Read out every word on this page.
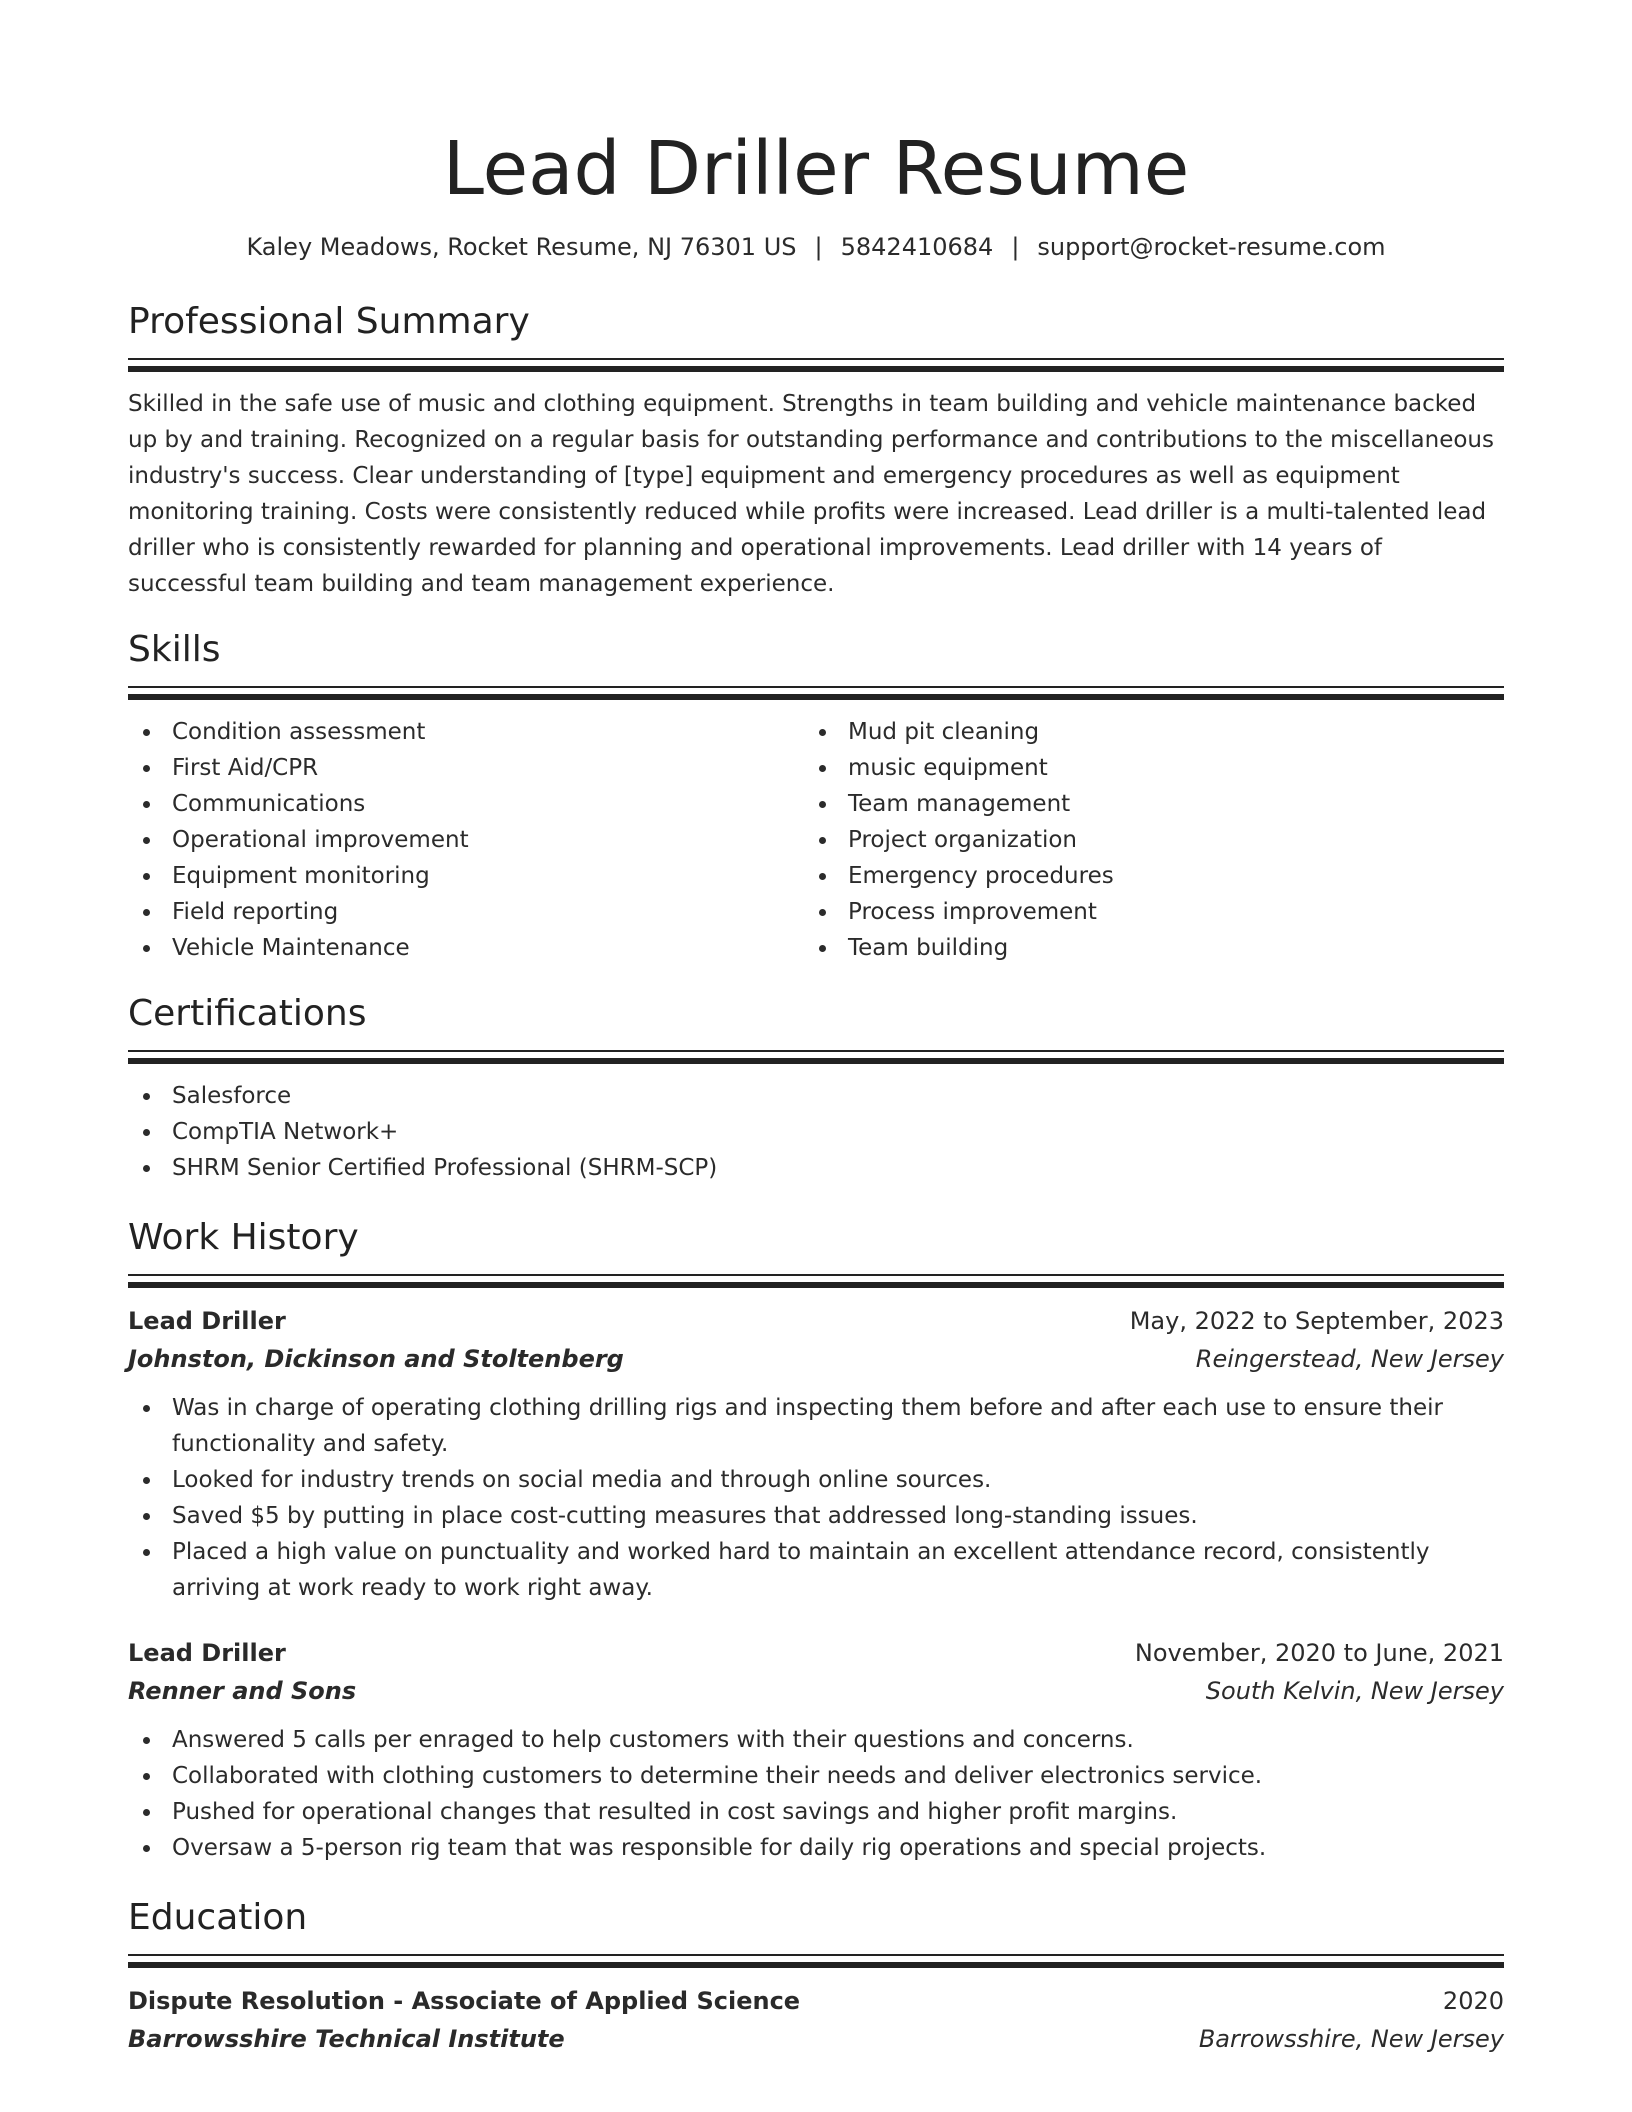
Lead Driller Resume
Kaley Meadows, Rocket Resume, NJ 76301 US | 5842410684 | support@rocket-resume.com
Professional Summary

Skilled in the safe use of music and clothing equipment. Strengths in team building and vehicle maintenance backed up by and training. Recognized on a regular basis for outstanding performance and contributions to the miscellaneous industry's success. Clear understanding of [type] equipment and emergency procedures as well as equipment monitoring training. Costs were consistently reduced while profits were increased. Lead driller is a multi-talented lead driller who is consistently rewarded for planning and operational improvements. Lead driller with 14 years of successful team building and team management experience.

Skills
Condition assessment
First Aid/CPR
Communications
Operational improvement
Equipment monitoring
Field reporting
Vehicle Maintenance
Mud pit cleaning
music equipment
Team management
Project organization
Emergency procedures
Process improvement
Team building
Certifications
Salesforce
CompTIA Network+
SHRM Senior Certified Professional (SHRM-SCP)
Work History
Lead Driller	May, 2022 to September, 2023
Johnston, Dickinson and Stoltenberg	Reingerstead, New Jersey
Was in charge of operating clothing drilling rigs and inspecting them before and after each use to ensure their functionality and safety.
Looked for industry trends on social media and through online sources.
Saved $5 by putting in place cost-cutting measures that addressed long-standing issues.
Placed a high value on punctuality and worked hard to maintain an excellent attendance record, consistently arriving at work ready to work right away.
Lead Driller	November, 2020 to June, 2021
Renner and Sons	South Kelvin, New Jersey
Answered 5 calls per enraged to help customers with their questions and concerns.
Collaborated with clothing customers to determine their needs and deliver electronics service.
Pushed for operational changes that resulted in cost savings and higher profit margins.
Oversaw a 5-person rig team that was responsible for daily rig operations and special projects.
Education
Dispute Resolution - Associate of Applied Science	2020
Barrowsshire Technical Institute	Barrowsshire, New Jersey
